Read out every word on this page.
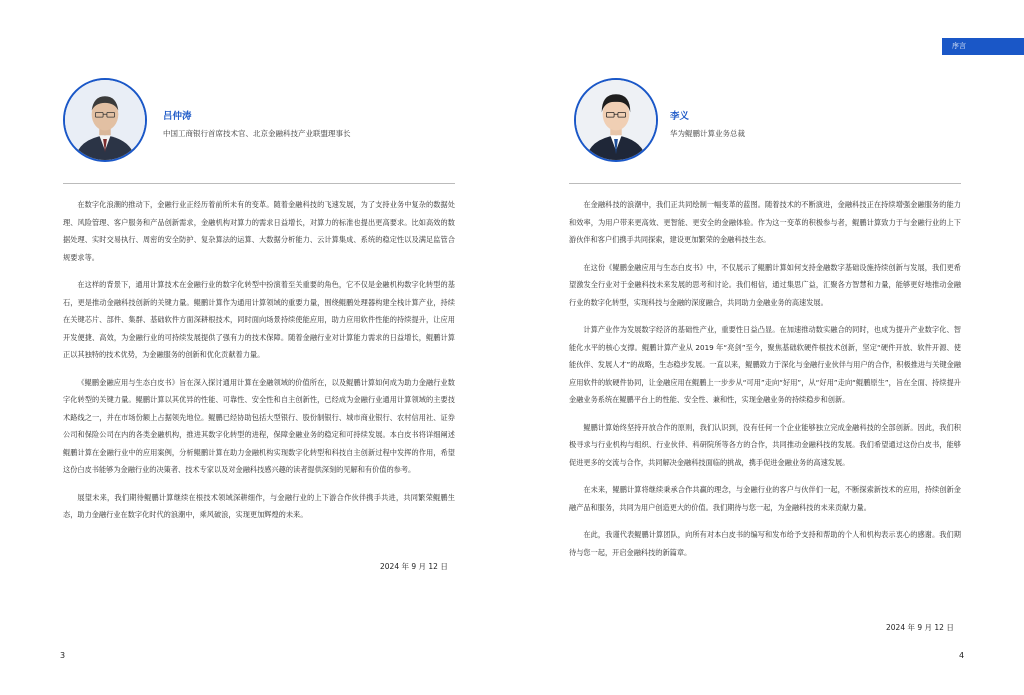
吕仲涛
中国工商银行首席技术官、北京金融科技产业联盟理事长

在数字化浪潮的推动下，金融行业正经历着前所未有的变革。随着金融科技的飞速发展，为了支持业务中复杂的数据处理、风险管理、客户服务和产品创新需求，金融机构对算力的需求日益增长，对算力的标准也提出更高要求。比如高效的数据处理、实时交易执行、周密的安全防护、复杂算法的运算、大数据分析能力、云计算集成、系统的稳定性以及满足监管合规要求等。

在这样的背景下，通用计算技术在金融行业的数字化转型中扮演着至关重要的角色，它不仅是金融机构数字化转型的基石，更是推动金融科技创新的关键力量。鲲鹏计算作为通用计算领域的重要力量，围绕鲲鹏处理器构建全栈计算产业，持续在关键芯片、部件、集群、基础软件方面深耕根技术，同时面向场景持续使能应用，助力应用软件性能的持续提升，让应用开发便捷、高效，为金融行业的可持续发展提供了强有力的技术保障。随着金融行业对计算能力需求的日益增长，鲲鹏计算正以其独特的技术优势，为金融服务的创新和优化贡献着力量。

《鲲鹏金融应用与生态白皮书》旨在深入探讨通用计算在金融领域的价值所在，以及鲲鹏计算如何成为助力金融行业数字化转型的关键力量。鲲鹏计算以其优异的性能、可靠性、安全性和自主创新性，已经成为金融行业通用计算领域的主要技术路线之一，并在市场份额上占据领先地位。鲲鹏已经协助包括大型银行、股份制银行、城市商业银行、农村信用社、证券公司和保险公司在内的各类金融机构，推进其数字化转型的进程，保障金融业务的稳定和可持续发展。本白皮书将详细阐述鲲鹏计算在金融行业中的应用案例，分析鲲鹏计算在助力金融机构实现数字化转型和科技自主创新过程中发挥的作用，希望这份白皮书能够为金融行业的决策者、技术专家以及对金融科技感兴趣的读者提供深刻的见解和有价值的参考。

展望未来，我们期待鲲鹏计算继续在根技术领域深耕细作，与金融行业的上下游合作伙伴携手共进，共同繁荣鲲鹏生态，助力金融行业在数字化时代的浪潮中，乘风破浪，实现更加辉煌的未来。

2024 年 9 月 12 日
3
序言
李义
华为鲲鹏计算业务总裁

在金融科技的浪潮中，我们正共同绘制一幅变革的蓝图。随着技术的不断演进，金融科技正在持续增强金融服务的能力和效率，为用户带来更高效、更智能、更安全的金融体验。作为这一变革的积极参与者，鲲鹏计算致力于与金融行业的上下游伙伴和客户们携手共同探索，建设更加繁荣的金融科技生态。

在这份《鲲鹏金融应用与生态白皮书》中，不仅展示了鲲鹏计算如何支持金融数字基础设施持续创新与发展，我们更希望激发全行业对于金融科技未来发展的思考和讨论。我们相信，通过集思广益，汇聚各方智慧和力量，能够更好地推动金融行业的数字化转型，实现科技与金融的深度融合，共同助力金融业务的高速发展。

计算产业作为发展数字经济的基础性产业，重要性日益凸显。在加速推动数实融合的同时，也成为提升产业数字化、智能化水平的核心支撑。鲲鹏计算产业从 2019 年“亮剑”至今，聚焦基础软硬件根技术创新，坚定“硬件开放、软件开源、使能伙伴、发展人才”的战略，生态稳步发展。一直以来，鲲鹏致力于深化与金融行业伙伴与用户的合作，积极推进与关键金融应用软件的软硬件协同，让金融应用在鲲鹏上一步步从“可用”走向“好用”，从“好用”走向“鲲鹏原生”，旨在全面、持续提升金融业务系统在鲲鹏平台上的性能、安全性、兼和性，实现金融业务的持续稳步和创新。

鲲鹏计算始终坚持开放合作的原则，我们认识到，没有任何一个企业能够独立完成金融科技的全部创新。因此，我们积极寻求与行业机构与组织、行业伙伴、科研院所等各方的合作，共同推动金融科技的发展。我们希望通过这份白皮书，能够促进更多的交流与合作，共同解决金融科技面临的挑战，携手促进金融业务的高速发展。

在未来，鲲鹏计算将继续秉承合作共赢的理念，与金融行业的客户与伙伴们一起，不断探索新技术的应用，持续创新金融产品和服务，共同为用户创造更大的价值。我们期待与您一起，为金融科技的未来贡献力量。

在此，我谨代表鲲鹏计算团队，向所有对本白皮书的编写和发布给予支持和帮助的个人和机构表示衷心的感谢。我们期待与您一起，开启金融科技的新篇章。

2024 年 9 月 12 日
4
